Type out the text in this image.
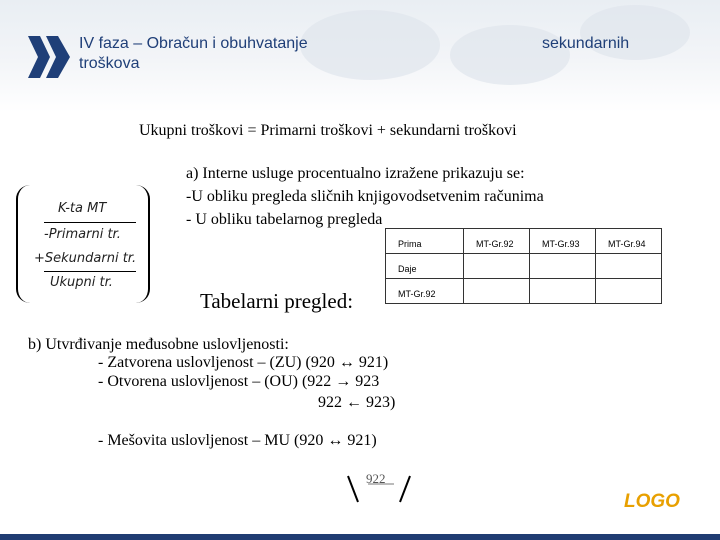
IV faza – Obračun i obuhvatanje
troškova
sekundarnih
Ukupni troškovi = Primarni troškovi + sekundarni troškovi
K-ta MT
-Primarni tr.
+Sekundarni tr.
Ukupni tr.
a) Interne usluge procentualno izražene prikazuju se:
-U obliku pregleda sličnih knjigovodsetvenim računima
- U obliku tabelarnog pregleda
Prima	MT-Gr.92	MT-Gr.93	MT-Gr.94
Daje			
MT-Gr.92			
Tabelarni pregled:
b) Utvrđivanje međusobne uslovljenosti:
- Zatvorena uslovljenost – (ZU) (920 ↔ 921)
- Otvorena uslovljenost – (OU) (922 → 923
922 ← 923)
- Mešovita uslovljenost – MU (920 ↔ 921)
922
LOGO
